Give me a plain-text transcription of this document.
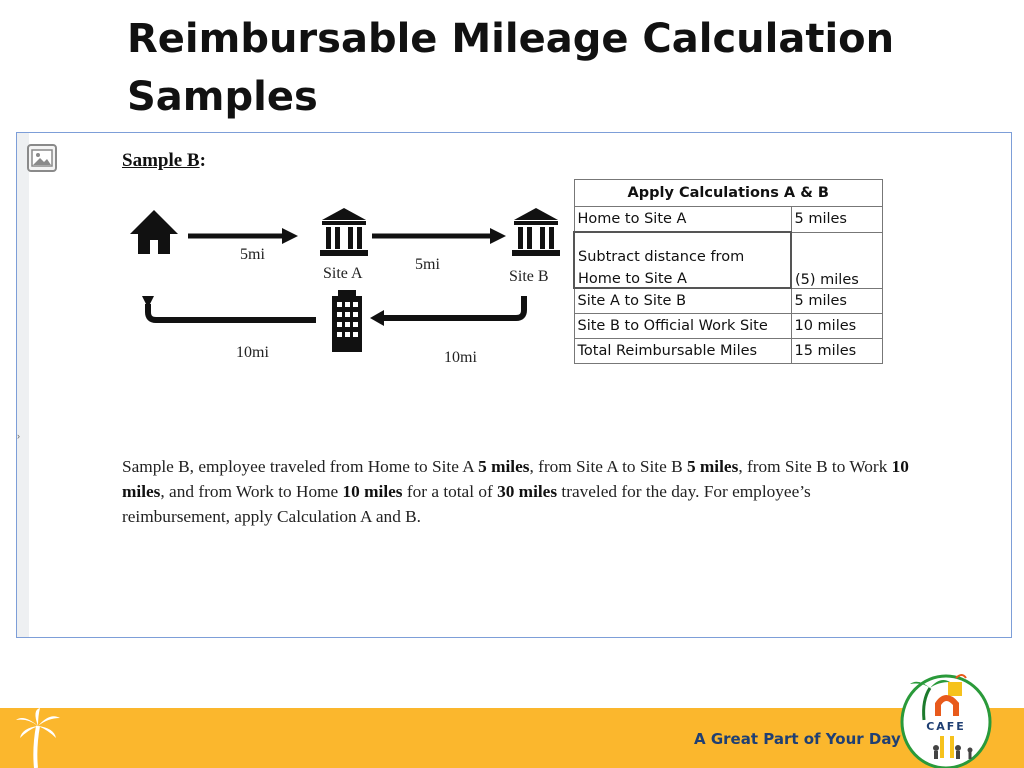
Reimbursable Mileage Calculation Samples
›
Sample B:
5mi
Site A
5mi
Site B
10mi	10mi
Apply Calculations A & B	
Home to Site A	5 miles

Subtract distance from
Home to Site A	(5) miles
Site A to Site B	5 miles
Site B to Official Work Site	10 miles
Total Reimbursable Miles	15 miles
Sample B, employee traveled from Home to Site A 5 miles, from Site A to Site B 5 miles, from Site B to Work 10 miles, and from Work to Home 10 miles for a total of 30 miles traveled for the day. For employee’s reimbursement, apply Calculation A and B.
A Great Part of Your Day
CAFE
